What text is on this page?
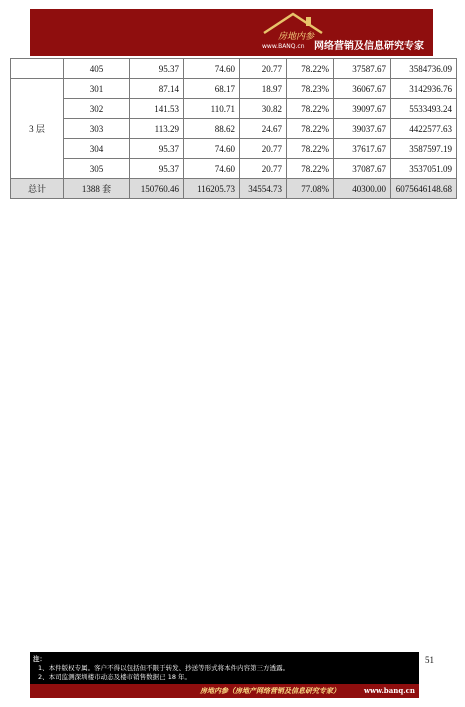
房地内参
www.BANQ.cn 网络营销及信息研究专家
	405	95.37	74.60	20.77	78.22%	37587.67	3584736.09
3 层	301	87.14	68.17	18.97	78.23%	36067.67	3142936.76
	302	141.53	110.71	30.82	78.22%	39097.67	5533493.24
	303	113.29	88.62	24.67	78.22%	39037.67	4422577.63
	304	95.37	74.60	20.77	78.22%	37617.67	3587597.19
	305	95.37	74.60	20.77	78.22%	37087.67	3537051.09
总计	1388 套	150760.46	116205.73	34554.73	77.08%	40300.00	6075646148.68
51
注：
1、本件版权专属。客户不得以包括但不限于转发、抄送等形式将本件内容第三方透露。
2、本司监测深圳楼市动态及楼市销售数据已 18 年。
房地内参（房地产网络营销及信息研究专家）	www.banq.cn
